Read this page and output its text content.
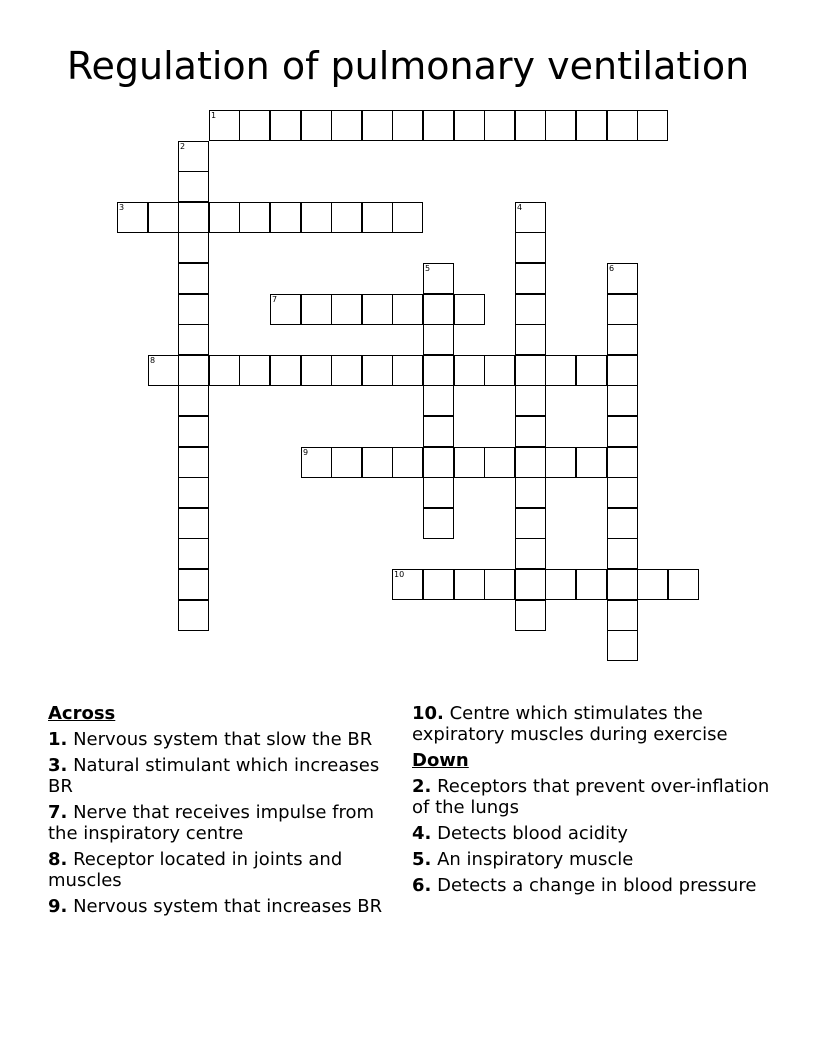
Regulation of pulmonary ventilation
1
2
3	4
5	6
7
8
9
10
Across
1. Nervous system that slow the BR
3. Natural stimulant which increases BR
7. Nerve that receives impulse from the inspiratory centre
8. Receptor located in joints and muscles
9. Nervous system that increases BR
10. Centre which stimulates the expiratory muscles during exercise
Down
2. Receptors that prevent over-inflation of the lungs
4. Detects blood acidity
5. An inspiratory muscle
6. Detects a change in blood pressure
